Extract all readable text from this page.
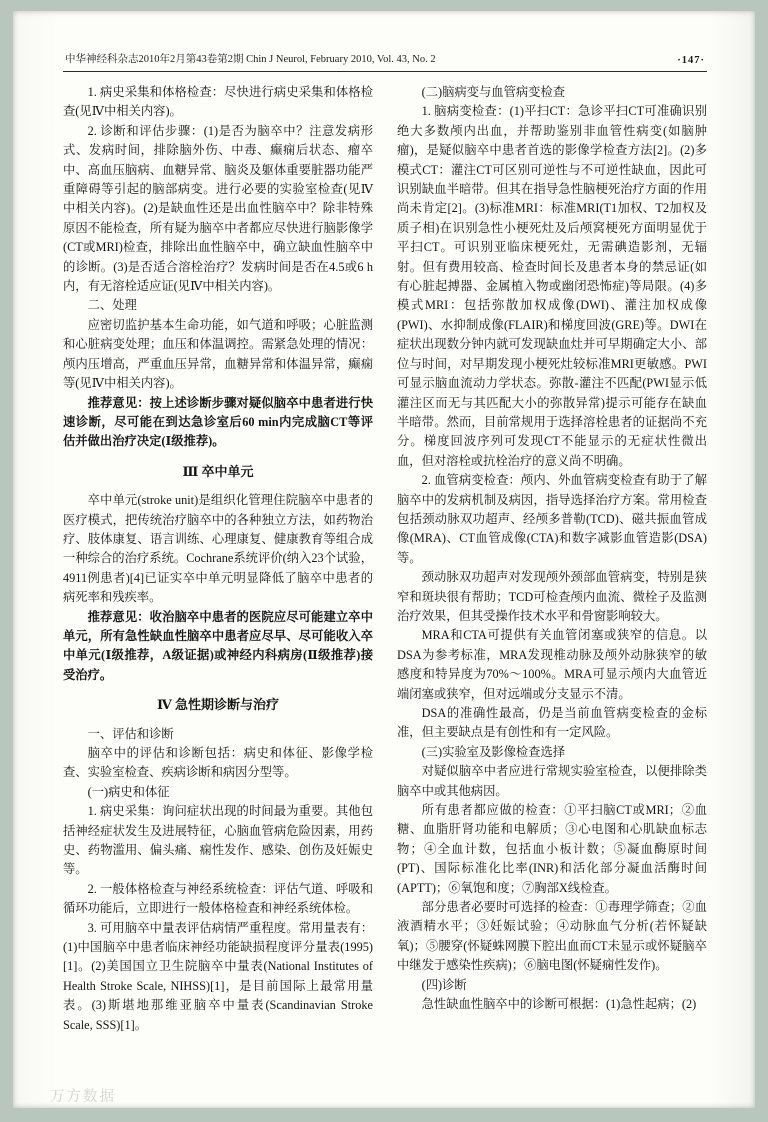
中华神经科杂志2010年2月第43卷第2期 Chin J Neurol, February 2010, Vol. 43, No. 2	·147·

1. 病史采集和体格检查：尽快进行病史采集和体格检查(见Ⅳ中相关内容)。

2. 诊断和评估步骤：(1)是否为脑卒中？注意发病形式、发病时间，排除脑外伤、中毒、癫痫后状态、瘤卒中、高血压脑病、血糖异常、脑炎及躯体重要脏器功能严重障碍等引起的脑部病变。进行必要的实验室检查(见Ⅳ中相关内容)。(2)是缺血性还是出血性脑卒中？除非特殊原因不能检查，所有疑为脑卒中者都应尽快进行脑影像学(CT或MRI)检查，排除出血性脑卒中，确立缺血性脑卒中的诊断。(3)是否适合溶栓治疗？发病时间是否在4.5或6 h内，有无溶栓适应证(见Ⅳ中相关内容)。

二、处理

应密切监护基本生命功能，如气道和呼吸；心脏监测和心脏病变处理；血压和体温调控。需紧急处理的情况：颅内压增高，严重血压异常，血糖异常和体温异常，癫痫等(见Ⅳ中相关内容)。

推荐意见：按上述诊断步骤对疑似脑卒中患者进行快速诊断，尽可能在到达急诊室后60 min内完成脑CT等评估并做出治疗决定(Ⅰ级推荐)。

Ⅲ 卒中单元

卒中单元(stroke unit)是组织化管理住院脑卒中患者的医疗模式，把传统治疗脑卒中的各种独立方法，如药物治疗、肢体康复、语言训练、心理康复、健康教育等组合成一种综合的治疗系统。Cochrane系统评价(纳入23个试验，4911例患者)[4]已证实卒中单元明显降低了脑卒中患者的病死率和残疾率。

推荐意见：收治脑卒中患者的医院应尽可能建立卒中单元，所有急性缺血性脑卒中患者应尽早、尽可能收入卒中单元(Ⅰ级推荐，A级证据)或神经内科病房(Ⅱ级推荐)接受治疗。

Ⅳ 急性期诊断与治疗

一、评估和诊断

脑卒中的评估和诊断包括：病史和体征、影像学检查、实验室检查、疾病诊断和病因分型等。

(一)病史和体征

1. 病史采集：询问症状出现的时间最为重要。其他包括神经症状发生及进展特征，心脑血管病危险因素，用药史、药物滥用、偏头痛、痫性发作、感染、创伤及妊娠史等。

2. 一般体格检查与神经系统检查：评估气道、呼吸和循环功能后，立即进行一般体格检查和神经系统体检。

3. 可用脑卒中量表评估病情严重程度。常用量表有：(1)中国脑卒中患者临床神经功能缺损程度评分量表(1995)[1]。(2)美国国立卫生院脑卒中量表(National Institutes of Health Stroke Scale, NIHSS)[1]，是目前国际上最常用量表。(3)斯堪地那维亚脑卒中量表(Scandinavian Stroke Scale, SSS)[1]。

(二)脑病变与血管病变检查

1. 脑病变检查：(1)平扫CT：急诊平扫CT可准确识别绝大多数颅内出血，并帮助鉴别非血管性病变(如脑肿瘤)，是疑似脑卒中患者首选的影像学检查方法[2]。(2)多模式CT：灌注CT可区别可逆性与不可逆性缺血，因此可识别缺血半暗带。但其在指导急性脑梗死治疗方面的作用尚未肯定[2]。(3)标准MRI：标准MRI(T1加权、T2加权及质子相)在识别急性小梗死灶及后颅窝梗死方面明显优于平扫CT。可识别亚临床梗死灶，无需碘造影剂，无辐射。但有费用较高、检查时间长及患者本身的禁忌证(如有心脏起搏器、金属植入物或幽闭恐怖症)等局限。(4)多模式MRI：包括弥散加权成像(DWI)、灌注加权成像(PWI)、水抑制成像(FLAIR)和梯度回波(GRE)等。DWI在症状出现数分钟内就可发现缺血灶并可早期确定大小、部位与时间，对早期发现小梗死灶较标准MRI更敏感。PWI可显示脑血流动力学状态。弥散-灌注不匹配(PWI显示低灌注区而无与其匹配大小的弥散异常)提示可能存在缺血半暗带。然而，目前常规用于选择溶栓患者的证据尚不充分。梯度回波序列可发现CT不能显示的无症状性微出血，但对溶栓或抗栓治疗的意义尚不明确。

2. 血管病变检查：颅内、外血管病变检查有助于了解脑卒中的发病机制及病因，指导选择治疗方案。常用检查包括颈动脉双功超声、经颅多普勒(TCD)、磁共振血管成像(MRA)、CT血管成像(CTA)和数字减影血管造影(DSA)等。

颈动脉双功超声对发现颅外颈部血管病变，特别是狭窄和斑块很有帮助；TCD可检查颅内血流、微栓子及监测治疗效果，但其受操作技术水平和骨窗影响较大。

MRA和CTA可提供有关血管闭塞或狭窄的信息。以DSA为参考标准，MRA发现椎动脉及颅外动脉狭窄的敏感度和特异度为70%～100%。MRA可显示颅内大血管近端闭塞或狭窄，但对远端或分支显示不清。

DSA的准确性最高，仍是当前血管病变检查的金标准，但主要缺点是有创性和有一定风险。

(三)实验室及影像检查选择

对疑似脑卒中者应进行常规实验室检查，以便排除类脑卒中或其他病因。

所有患者都应做的检查：①平扫脑CT或MRI；②血糖、血脂肝肾功能和电解质；③心电图和心肌缺血标志物；④全血计数，包括血小板计数；⑤凝血酶原时间(PT)、国际标准化比率(INR)和活化部分凝血活酶时间(APTT)；⑥氧饱和度；⑦胸部X线检查。

部分患者必要时可选择的检查：①毒理学筛查；②血液酒精水平；③妊娠试验；④动脉血气分析(若怀疑缺氧)；⑤腰穿(怀疑蛛网膜下腔出血而CT未显示或怀疑脑卒中继发于感染性疾病)；⑥脑电图(怀疑痫性发作)。

(四)诊断

急性缺血性脑卒中的诊断可根据：(1)急性起病；(2)

万方数据
